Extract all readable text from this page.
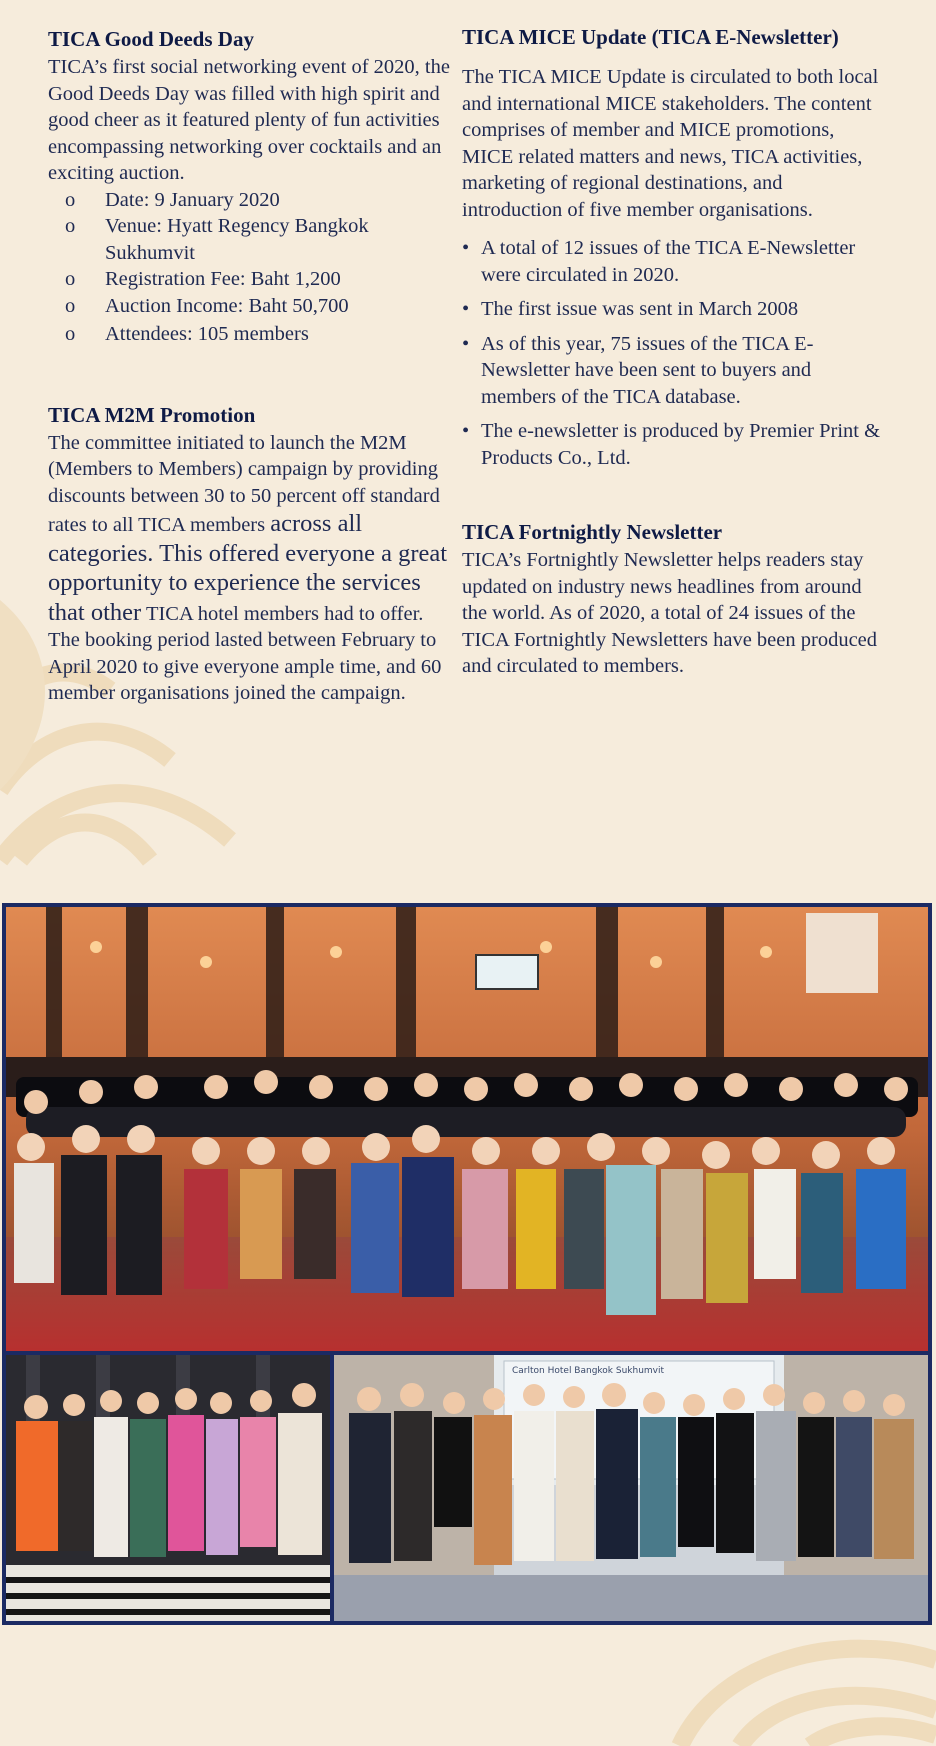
TICA Good Deeds Day

TICA’s first social networking event of 2020, the Good Deeds Day was filled with high spirit and good cheer as it featured plenty of fun activities encompassing networking over cocktails and an exciting auction.

o Date: 9 January 2020
o Venue: Hyatt Regency Bangkok Sukhumvit
o Registration Fee: Baht 1,200
o Auction Income: Baht 50,700
o Attendees: 105 members
TICA M2M Promotion

The committee initiated to launch the M2M (Members to Members) campaign by providing discounts between 30 to 50 percent off standard rates to all TICA members across all categories. This offered everyone a great opportunity to experience the services that other TICA hotel members had to offer. The booking period lasted between February to April 2020 to give everyone ample time, and 60 member organisations joined the campaign.

TICA MICE Update (TICA E-Newsletter)

The TICA MICE Update is circulated to both local and international MICE stakeholders. The content comprises of member and MICE promotions, MICE related matters and news, TICA activities, marketing of regional destinations, and introduction of five member organisations.

• A total of 12 issues of the TICA E-Newsletter were circulated in 2020.
• The first issue was sent in March 2008
• As of this year, 75 issues of the TICA E-Newsletter have been sent to buyers and members of the TICA database.
• The e-newsletter is produced by Premier Print & Products Co., Ltd.
TICA Fortnightly Newsletter

TICA’s Fortnightly Newsletter helps readers stay updated on industry news headlines from around the world. As of 2020, a total of 24 issues of the TICA Fortnightly Newsletters have been produced and circulated to members.

Carlton Hotel Bangkok Sukhumvit
